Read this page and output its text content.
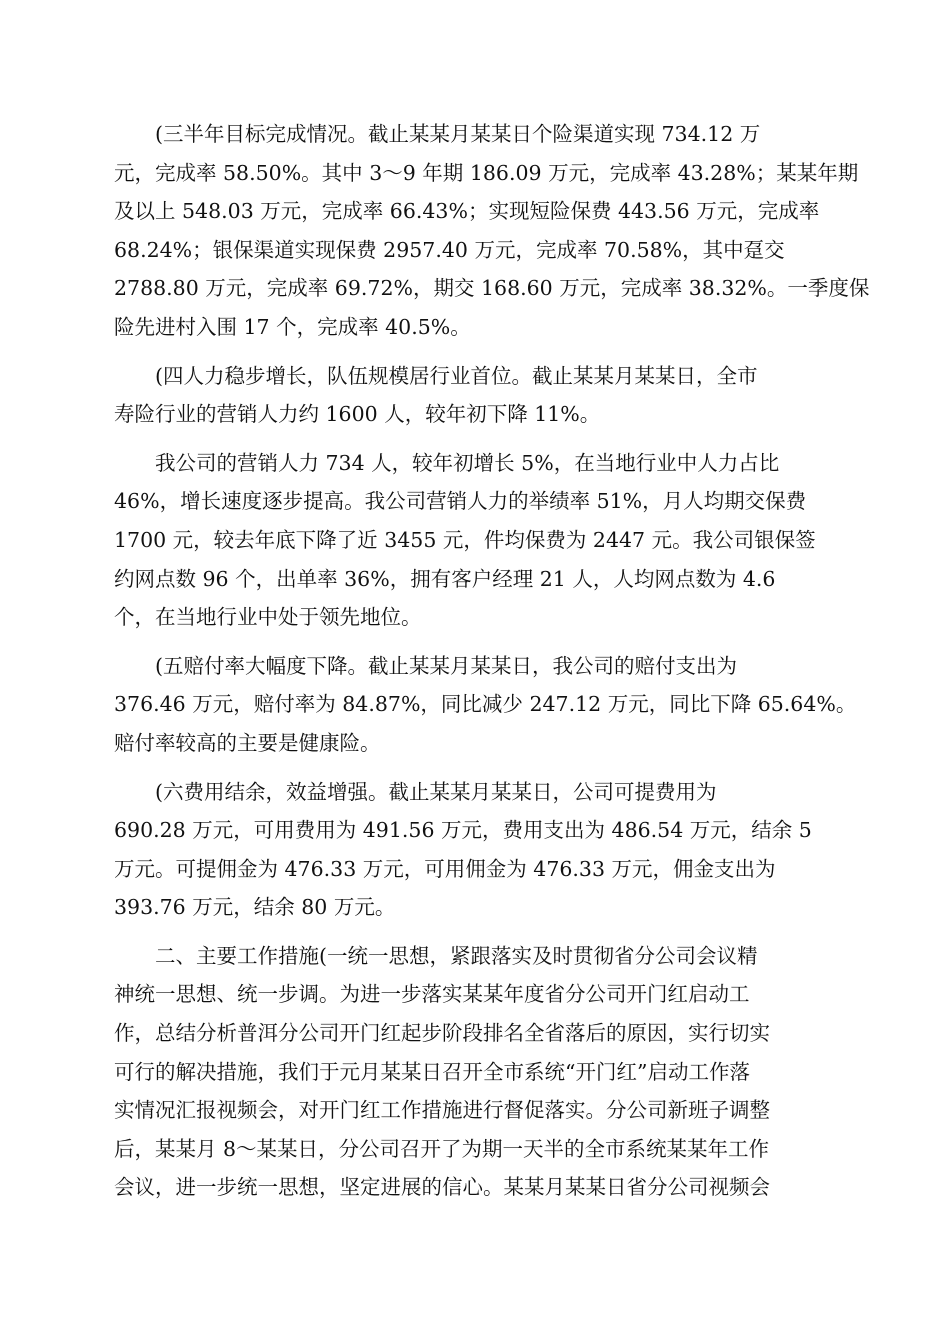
(三半年目标完成情况。截止某某月某某日个险渠道实现 734.12 万
元，完成率 58.50%。其中 3～9 年期 186.09 万元，完成率 43.28%；某某年期
及以上 548.03 万元，完成率 66.43%；实现短险保费 443.56 万元，完成率
68.24%；银保渠道实现保费 2957.40 万元，完成率 70.58%，其中趸交
2788.80 万元，完成率 69.72%，期交 168.60 万元，完成率 38.32%。一季度保
险先进村入围 17 个，完成率 40.5%。
(四人力稳步增长，队伍规模居行业首位。截止某某月某某日，全市
寿险行业的营销人力约 1600 人，较年初下降 11%。
我公司的营销人力 734 人，较年初增长 5%，在当地行业中人力占比
46%，增长速度逐步提高。我公司营销人力的举绩率 51%，月人均期交保费
1700 元，较去年底下降了近 3455 元，件均保费为 2447 元。我公司银保签
约网点数 96 个，出单率 36%，拥有客户经理 21 人，人均网点数为 4.6
个，在当地行业中处于领先地位。
(五赔付率大幅度下降。截止某某月某某日，我公司的赔付支出为
376.46 万元，赔付率为 84.87%，同比减少 247.12 万元，同比下降 65.64%。
赔付率较高的主要是健康险。
(六费用结余，效益增强。截止某某月某某日，公司可提费用为
690.28 万元，可用费用为 491.56 万元，费用支出为 486.54 万元，结余 5
万元。可提佣金为 476.33 万元，可用佣金为 476.33 万元，佣金支出为
393.76 万元，结余 80 万元。
二、主要工作措施(一统一思想，紧跟落实及时贯彻省分公司会议精
神统一思想、统一步调。为进一步落实某某年度省分公司开门红启动工
作，总结分析普洱分公司开门红起步阶段排名全省落后的原因，实行切实
可行的解决措施，我们于元月某某日召开全市系统“开门红”启动工作落
实情况汇报视频会，对开门红工作措施进行督促落实。分公司新班子调整
后，某某月 8～某某日，分公司召开了为期一天半的全市系统某某年工作
会议，进一步统一思想，坚定进展的信心。某某月某某日省分公司视频会
